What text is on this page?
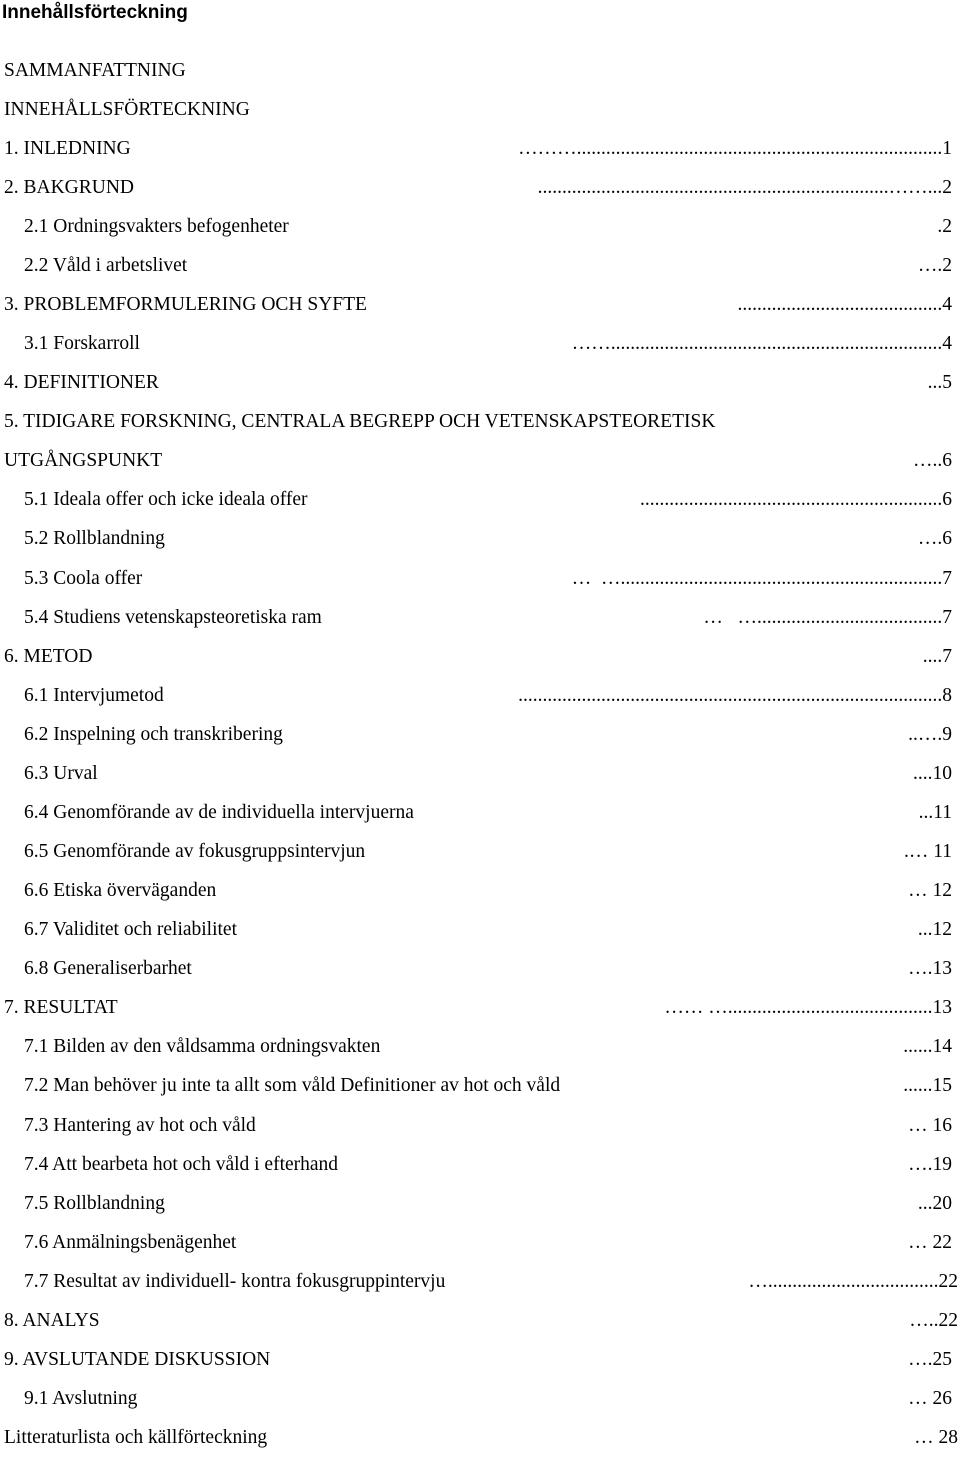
Innehållsförteckning
SAMMANFATTNING
INNEHÅLLSFÖRTECKNING
1. INLEDNING	………...........................................................................1
2. BAKGRUND	........................................................................……...2
2.1 Ordningsvakters befogenheter	.2
2.2 Våld i arbetslivet	….2
3. PROBLEMFORMULERING OCH SYFTE	..........................................4
3.1 Forskarroll	……....................................................................4
4. DEFINITIONER	...5
5. TIDIGARE FORSKNING, CENTRALA BEGREPP OCH VETENSKAPSTEORETISK
UTGÅNGSPUNKT	…..6
5.1 Ideala offer och icke ideala offer	..............................................................6
5.2 Rollblandning	….6
5.3 Coola offer	…  …..................................................................7
5.4 Studiens vetenskapsteoretiska ram	…   …......................................7
6. METOD	....7
6.1 Intervjumetod	.......................................................................................8
6.2 Inspelning och transkribering	..….9
6.3 Urval	....10
6.4 Genomförande av de individuella intervjuerna	...11
6.5 Genomförande av fokusgruppsintervjun	.… 11
6.6 Etiska överväganden	… 12
6.7 Validitet och reliabilitet	...12
6.8 Generaliserbarhet	….13
7. RESULTAT	…… …..........................................13
7.1 Bilden av den våldsamma ordningsvakten	......14
7.2 Man behöver ju inte ta allt som våld Definitioner av hot och våld	......15
7.3 Hantering av hot och våld	… 16
7.4 Att bearbeta hot och våld i efterhand	….19
7.5 Rollblandning	...20
7.6 Anmälningsbenägenhet	… 22
7.7 Resultat av individuell- kontra fokusgruppintervju	…...................................22
8. ANALYS	…..22
9. AVSLUTANDE DISKUSSION	….25
9.1 Avslutning	… 26
Litteraturlista och källförteckning	… 28
